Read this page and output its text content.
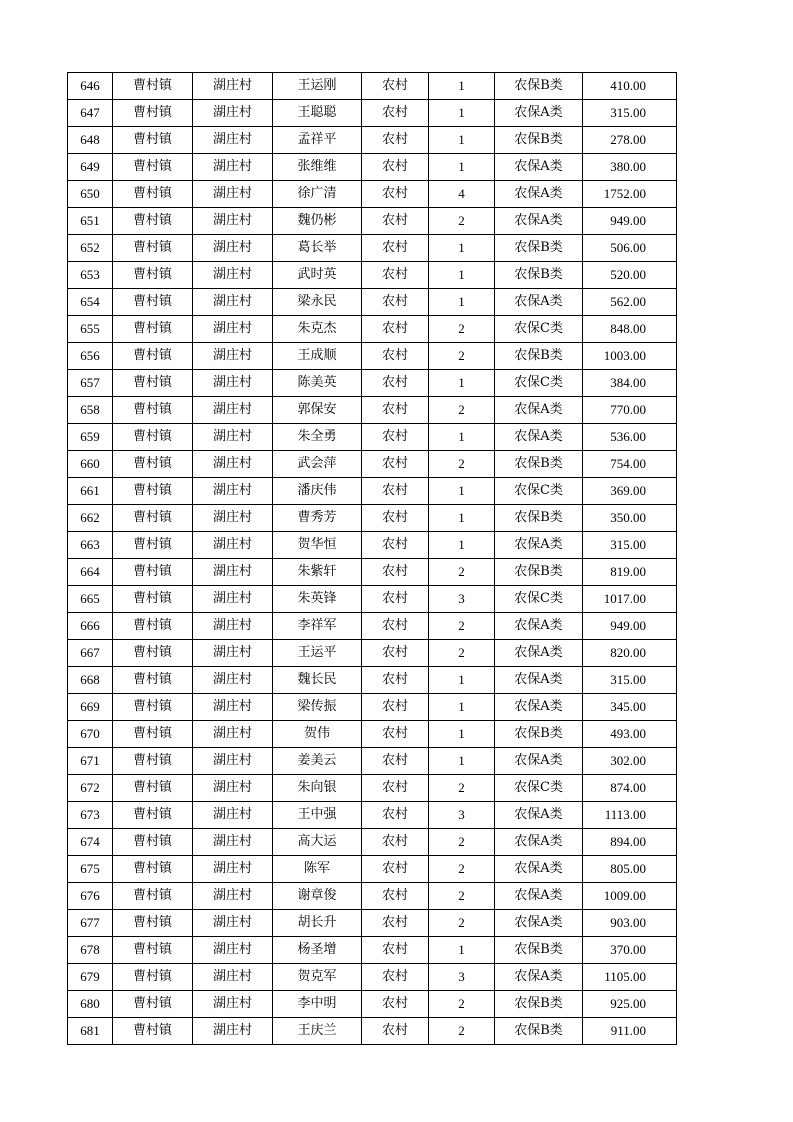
646	曹村镇	湖庄村	王运刚	农村	1	农保B类	410.00
647	曹村镇	湖庄村	王聪聪	农村	1	农保A类	315.00
648	曹村镇	湖庄村	孟祥平	农村	1	农保B类	278.00
649	曹村镇	湖庄村	张维维	农村	1	农保A类	380.00
650	曹村镇	湖庄村	徐广清	农村	4	农保A类	1752.00
651	曹村镇	湖庄村	魏仍彬	农村	2	农保A类	949.00
652	曹村镇	湖庄村	葛长举	农村	1	农保B类	506.00
653	曹村镇	湖庄村	武时英	农村	1	农保B类	520.00
654	曹村镇	湖庄村	梁永民	农村	1	农保A类	562.00
655	曹村镇	湖庄村	朱克杰	农村	2	农保C类	848.00
656	曹村镇	湖庄村	王成顺	农村	2	农保B类	1003.00
657	曹村镇	湖庄村	陈美英	农村	1	农保C类	384.00
658	曹村镇	湖庄村	郭保安	农村	2	农保A类	770.00
659	曹村镇	湖庄村	朱全勇	农村	1	农保A类	536.00
660	曹村镇	湖庄村	武会萍	农村	2	农保B类	754.00
661	曹村镇	湖庄村	潘庆伟	农村	1	农保C类	369.00
662	曹村镇	湖庄村	曹秀芳	农村	1	农保B类	350.00
663	曹村镇	湖庄村	贺华恒	农村	1	农保A类	315.00
664	曹村镇	湖庄村	朱紫轩	农村	2	农保B类	819.00
665	曹村镇	湖庄村	朱英锋	农村	3	农保C类	1017.00
666	曹村镇	湖庄村	李祥军	农村	2	农保A类	949.00
667	曹村镇	湖庄村	王运平	农村	2	农保A类	820.00
668	曹村镇	湖庄村	魏长民	农村	1	农保A类	315.00
669	曹村镇	湖庄村	梁传振	农村	1	农保A类	345.00
670	曹村镇	湖庄村	贺伟	农村	1	农保B类	493.00
671	曹村镇	湖庄村	姜美云	农村	1	农保A类	302.00
672	曹村镇	湖庄村	朱向银	农村	2	农保C类	874.00
673	曹村镇	湖庄村	王中强	农村	3	农保A类	1113.00
674	曹村镇	湖庄村	高大运	农村	2	农保A类	894.00
675	曹村镇	湖庄村	陈军	农村	2	农保A类	805.00
676	曹村镇	湖庄村	谢章俊	农村	2	农保A类	1009.00
677	曹村镇	湖庄村	胡长升	农村	2	农保A类	903.00
678	曹村镇	湖庄村	杨圣增	农村	1	农保B类	370.00
679	曹村镇	湖庄村	贺克军	农村	3	农保A类	1105.00
680	曹村镇	湖庄村	李中明	农村	2	农保B类	925.00
681	曹村镇	湖庄村	王庆兰	农村	2	农保B类	911.00
